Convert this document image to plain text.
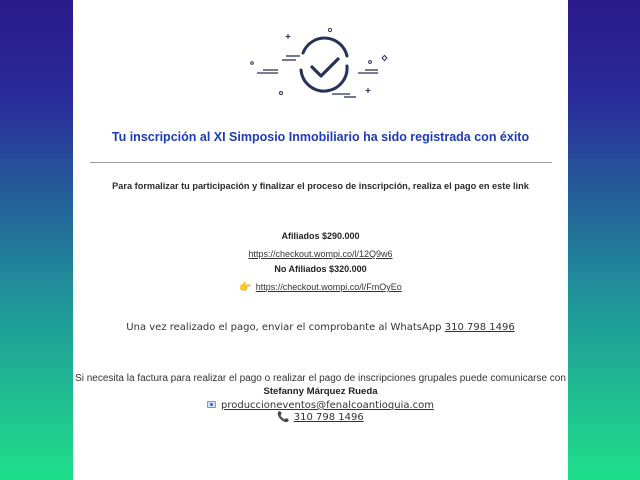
Tu inscripción al XI Simposio Inmobiliario ha sido registrada con éxito
Para formalizar tu participación y finalizar el proceso de inscripción, realiza el pago en este link
Afiliados $290.000
https://checkout.wompi.co/l/12Q9w6
No Afiliados $320.000
👉 https://checkout.wompi.co/l/FmOyEo
Una vez realizado el pago, enviar el comprobante al WhatsApp 310 798 1496
Si necesita la factura para realizar el pago o realizar el pago de inscripciones grupales puede comunicarse con
Stefanny Márquez Rueda
produccioneventos@fenalcoantioquia.com
📞 310 798 1496
